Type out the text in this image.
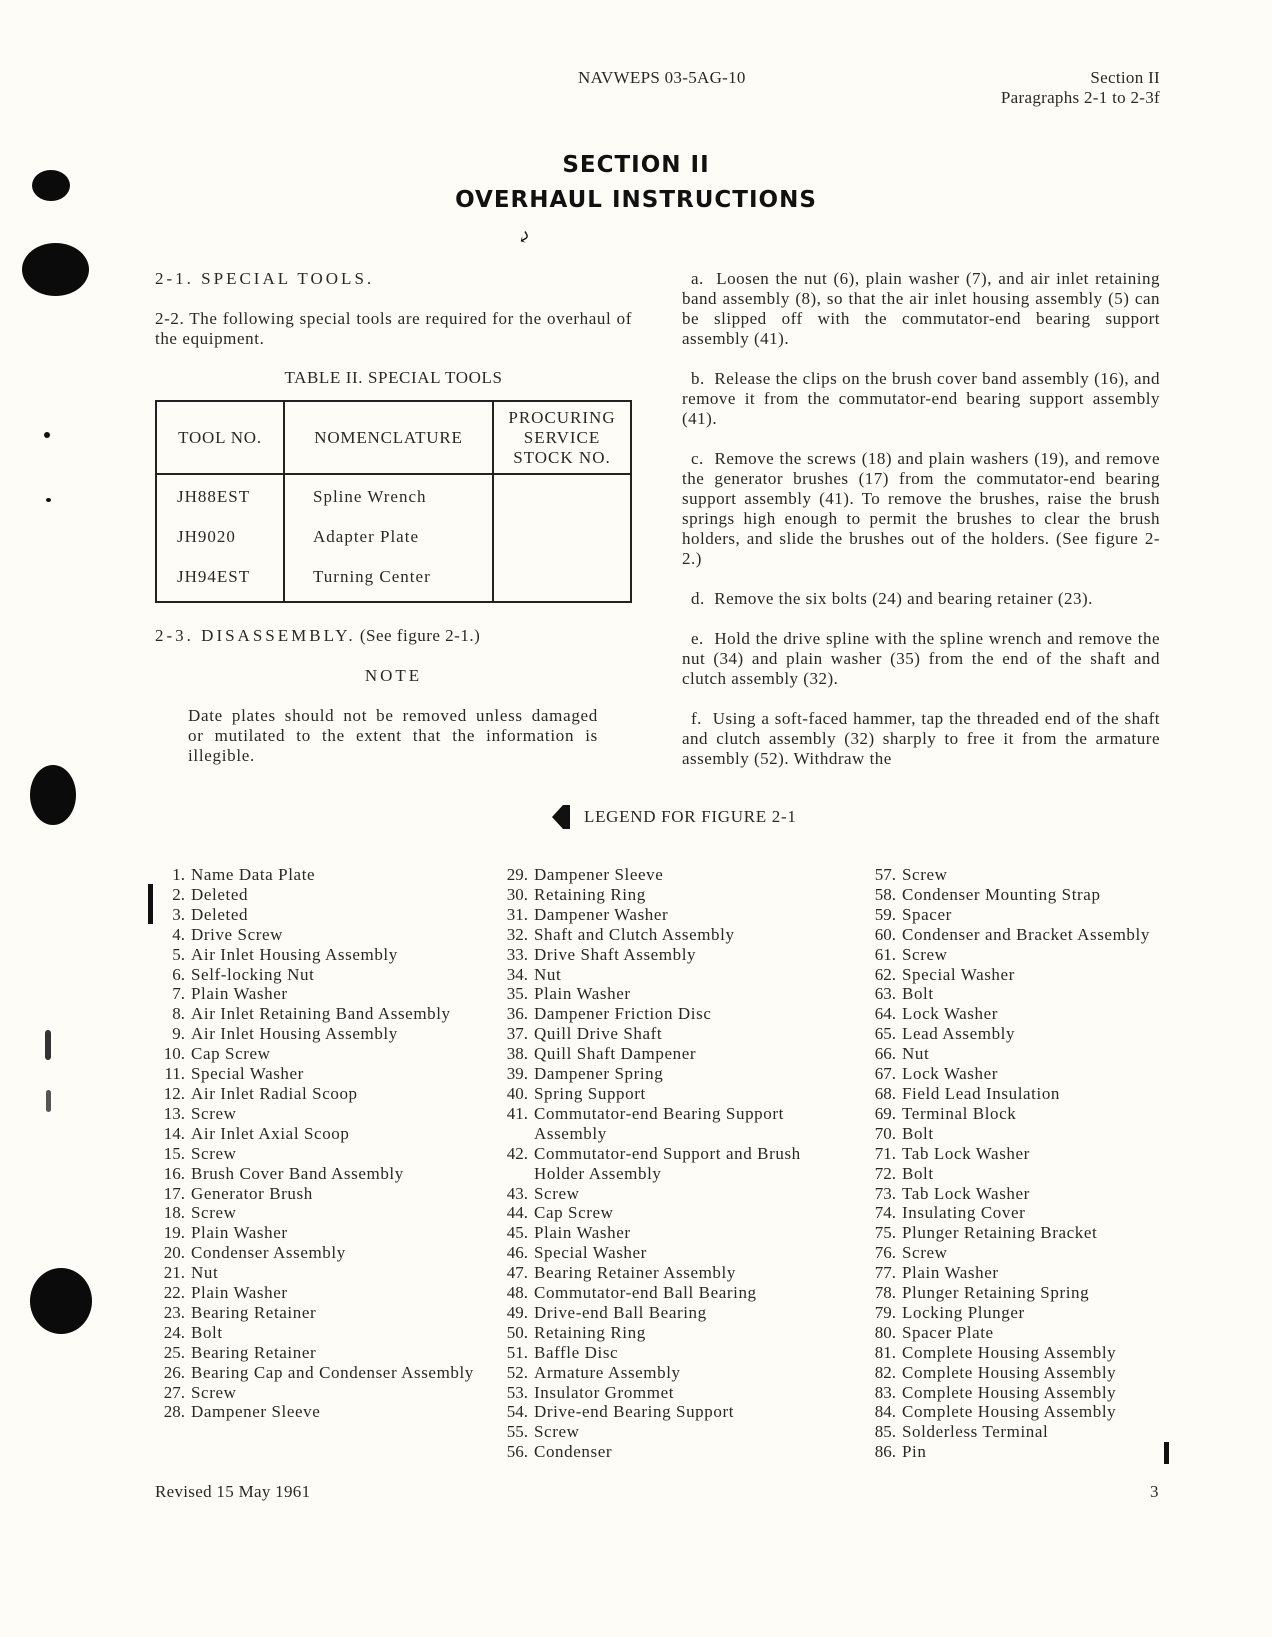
NAVWEPS 03-5AG-10	Section II
Paragraphs 2-1 to 2-3f
SECTION II
OVERHAUL INSTRUCTIONS
⤶
2-1. SPECIAL TOOLS.
2-2. The following special tools are required for the overhaul of the equipment.
TABLE II. SPECIAL TOOLS
TOOL NO.	NOMENCLATURE	PROCURING
SERVICE
STOCK NO.

JH88EST	Spline Wrench	
JH9020	Adapter Plate	
JH94EST	Turning Center	
2-3. DISASSEMBLY. (See figure 2-1.)
NOTE
Date plates should not be removed unless damaged or mutilated to the extent that the information is illegible.
a. Loosen the nut (6), plain washer (7), and air inlet retaining band assembly (8), so that the air inlet housing assembly (5) can be slipped off with the commutator-end bearing support assembly (41).
b. Release the clips on the brush cover band assembly (16), and remove it from the commutator-end bearing support assembly (41).
c. Remove the screws (18) and plain washers (19), and remove the generator brushes (17) from the commutator-end bearing support assembly (41). To remove the brushes, raise the brush springs high enough to permit the brushes to clear the brush holders, and slide the brushes out of the holders. (See figure 2-2.)
d. Remove the six bolts (24) and bearing retainer (23).
e. Hold the drive spline with the spline wrench and remove the nut (34) and plain washer (35) from the end of the shaft and clutch assembly (32).
f. Using a soft-faced hammer, tap the threaded end of the shaft and clutch assembly (32) sharply to free it from the armature assembly (52). Withdraw the
LEGEND FOR FIGURE 2-1
1. Name Data Plate
2. Deleted
3. Deleted
4. Drive Screw
5. Air Inlet Housing Assembly
6. Self-locking Nut
7. Plain Washer
8. Air Inlet Retaining Band Assembly
9. Air Inlet Housing Assembly
10. Cap Screw
11. Special Washer
12. Air Inlet Radial Scoop
13. Screw
14. Air Inlet Axial Scoop
15. Screw
16. Brush Cover Band Assembly
17. Generator Brush
18. Screw
19. Plain Washer
20. Condenser Assembly
21. Nut
22. Plain Washer
23. Bearing Retainer
24. Bolt
25. Bearing Retainer
26. Bearing Cap and Condenser Assembly
27. Screw
28. Dampener Sleeve
29. Dampener Sleeve
30. Retaining Ring
31. Dampener Washer
32. Shaft and Clutch Assembly
33. Drive Shaft Assembly
34. Nut
35. Plain Washer
36. Dampener Friction Disc
37. Quill Drive Shaft
38. Quill Shaft Dampener
39. Dampener Spring
40. Spring Support
41. Commutator-end Bearing Support Assembly
42. Commutator-end Support and Brush Holder Assembly
43. Screw
44. Cap Screw
45. Plain Washer
46. Special Washer
47. Bearing Retainer Assembly
48. Commutator-end Ball Bearing
49. Drive-end Ball Bearing
50. Retaining Ring
51. Baffle Disc
52. Armature Assembly
53. Insulator Grommet
54. Drive-end Bearing Support
55. Screw
56. Condenser
57. Screw
58. Condenser Mounting Strap
59. Spacer
60. Condenser and Bracket Assembly
61. Screw
62. Special Washer
63. Bolt
64. Lock Washer
65. Lead Assembly
66. Nut
67. Lock Washer
68. Field Lead Insulation
69. Terminal Block
70. Bolt
71. Tab Lock Washer
72. Bolt
73. Tab Lock Washer
74. Insulating Cover
75. Plunger Retaining Bracket
76. Screw
77. Plain Washer
78. Plunger Retaining Spring
79. Locking Plunger
80. Spacer Plate
81. Complete Housing Assembly
82. Complete Housing Assembly
83. Complete Housing Assembly
84. Complete Housing Assembly
85. Solderless Terminal
86. Pin
Revised 15 May 1961	3
